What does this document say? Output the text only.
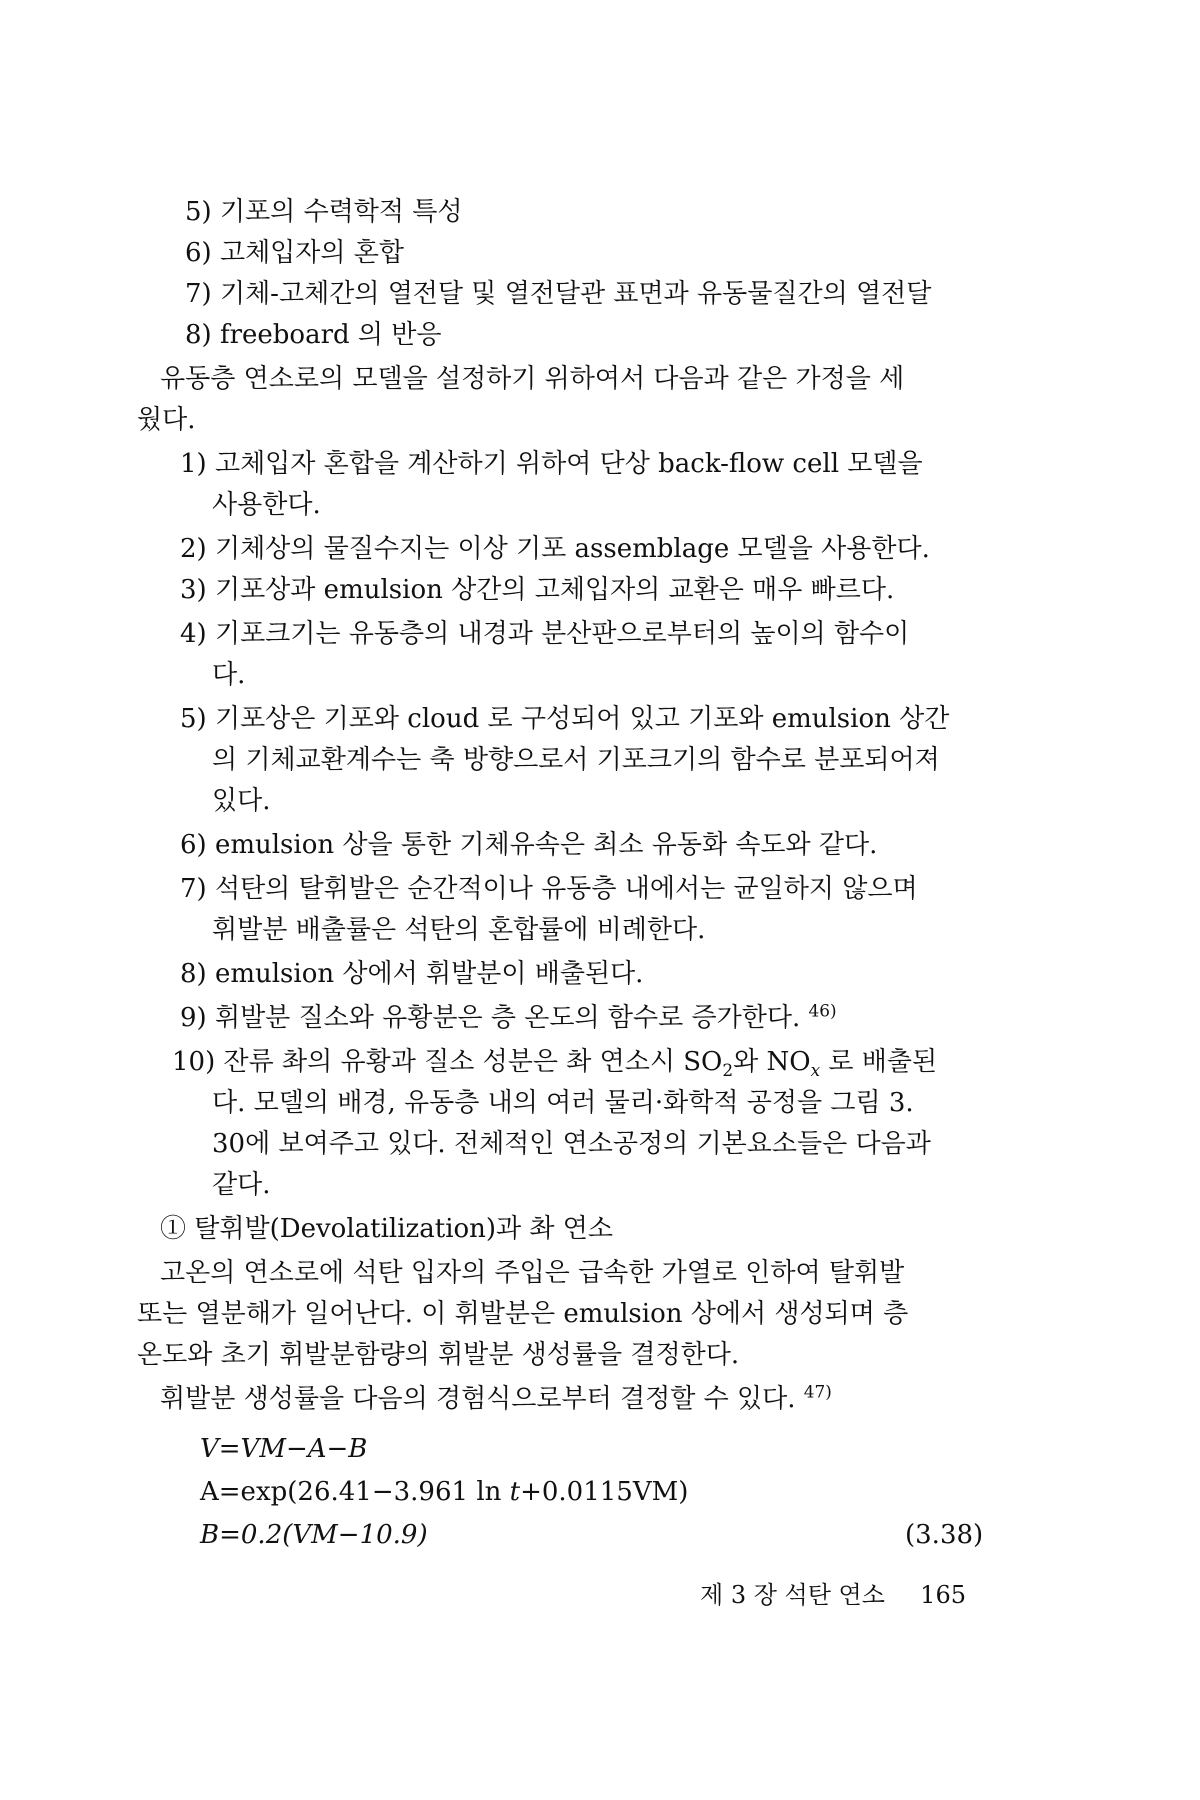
5) 기포의 수력학적 특성
6) 고체입자의 혼합
7) 기체-고체간의 열전달 및 열전달관 표면과 유동물질간의 열전달
8) freeboard 의 반응
유동층 연소로의 모델을 설정하기 위하여서 다음과 같은 가정을 세
웠다.
1) 고체입자 혼합을 계산하기 위하여 단상 back-flow cell 모델을
사용한다.
2) 기체상의 물질수지는 이상 기포 assemblage 모델을 사용한다.
3) 기포상과 emulsion 상간의 고체입자의 교환은 매우 빠르다.
4) 기포크기는 유동층의 내경과 분산판으로부터의 높이의 함수이
다.
5) 기포상은 기포와 cloud 로 구성되어 있고 기포와 emulsion 상간
의 기체교환계수는 축 방향으로서 기포크기의 함수로 분포되어져
있다.
6) emulsion 상을 통한 기체유속은 최소 유동화 속도와 같다.
7) 석탄의 탈휘발은 순간적이나 유동층 내에서는 균일하지 않으며
휘발분 배출률은 석탄의 혼합률에 비례한다.
8) emulsion 상에서 휘발분이 배출된다.
9) 휘발분 질소와 유황분은 층 온도의 함수로 증가한다. $^{46)}$
10) 잔류 촤의 유황과 질소 성분은 촤 연소시 $SO_2$와 $NO_x$ 로 배출된
다. 모델의 배경, 유동층 내의 여러 물리·화학적 공정을 그림 3.
30에 보여주고 있다. 전체적인 연소공정의 기본요소들은 다음과
같다.
① 탈휘발(Devolatilization)과 촤 연소
고온의 연소로에 석탄 입자의 주입은 급속한 가열로 인하여 탈휘발
또는 열분해가 일어난다. 이 휘발분은 emulsion 상에서 생성되며 층
온도와 초기 휘발분함량의 휘발분 생성률을 결정한다.
휘발분 생성률을 다음의 경험식으로부터 결정할 수 있다. $^{47)}$
V=VM−A−B
A=exp(26.41−3.961 ln t+0.0115VM)
B=0.2(VM−10.9)	(3.38)
제 3 장 석탄 연소 165
